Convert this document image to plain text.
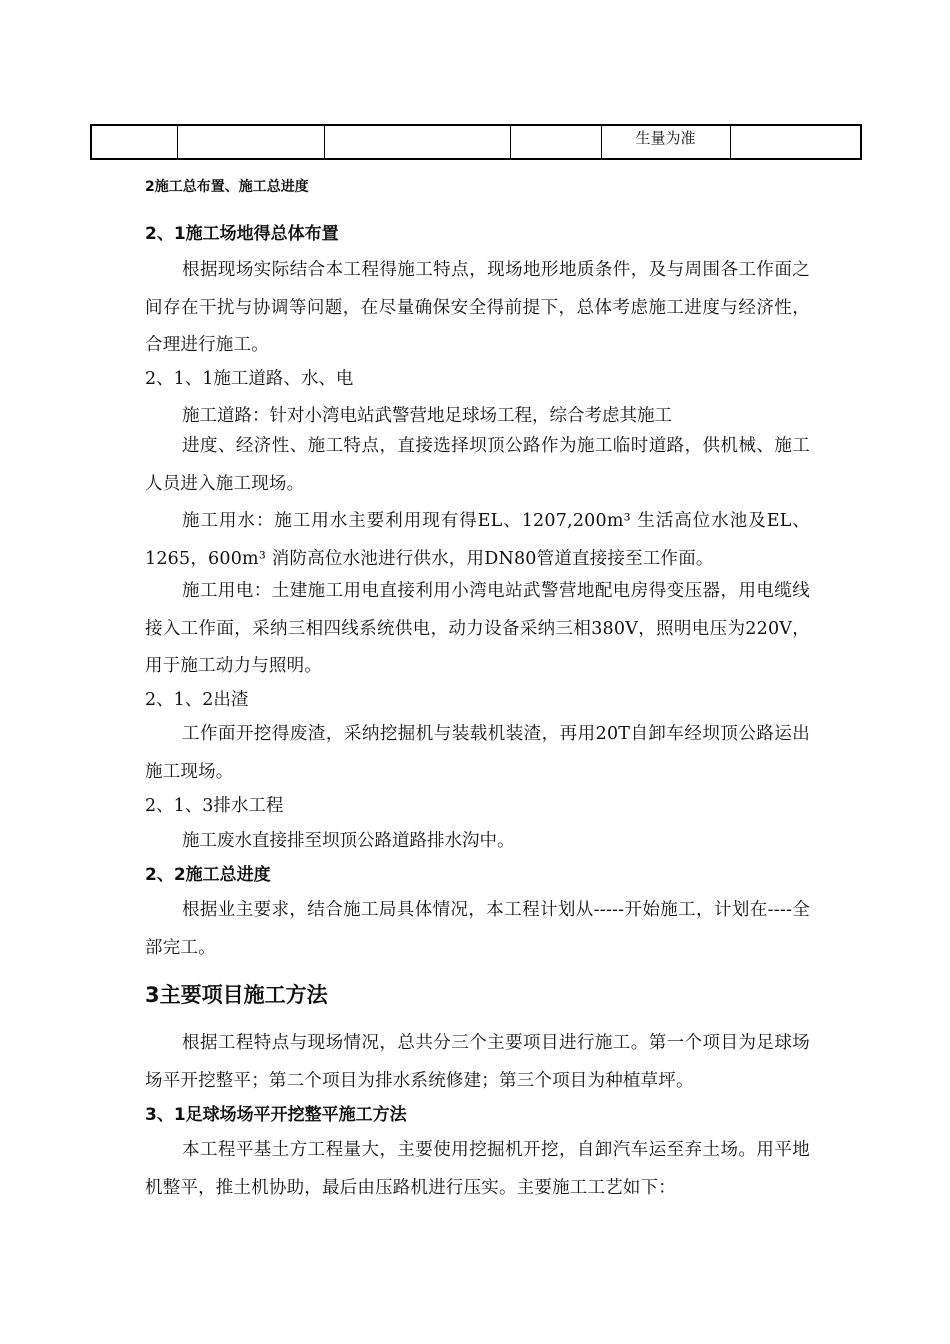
				生量为准	
2施工总布置、施工总进度
2、1施工场地得总体布置

根据现场实际结合本工程得施工特点，现场地形地质条件，及与周围各工作面之间存在干扰与协调等问题，在尽量确保安全得前提下，总体考虑施工进度与经济性，合理进行施工。

2、1、1施工道路、水、电
施工道路：针对小湾电站武警营地足球场工程，综合考虑其施工

进度、经济性、施工特点，直接选择坝顶公路作为施工临时道路，供机械、施工人员进入施工现场。

施工用水：施工用水主要利用现有得EL、1207,200m³ 生活高位水池及EL、1265，600m³ 消防高位水池进行供水，用DN80管道直接接至工作面。

施工用电：土建施工用电直接利用小湾电站武警营地配电房得变压器，用电缆线接入工作面，采纳三相四线系统供电，动力设备采纳三相380V，照明电压为220V，用于施工动力与照明。

2、1、2出渣

工作面开挖得废渣，采纳挖掘机与装载机装渣，再用20T自卸车经坝顶公路运出施工现场。

2、1、3排水工程
施工废水直接排至坝顶公路道路排水沟中。
2、2施工总进度

根据业主要求，结合施工局具体情况，本工程计划从-----开始施工，计划在----全部完工。

3主要项目施工方法

根据工程特点与现场情况，总共分三个主要项目进行施工。第一个项目为足球场场平开挖整平；第二个项目为排水系统修建；第三个项目为种植草坪。

3、1足球场场平开挖整平施工方法

本工程平基土方工程量大，主要使用挖掘机开挖，自卸汽车运至弃土场。用平地机整平，推土机协助，最后由压路机进行压实。主要施工工艺如下：
